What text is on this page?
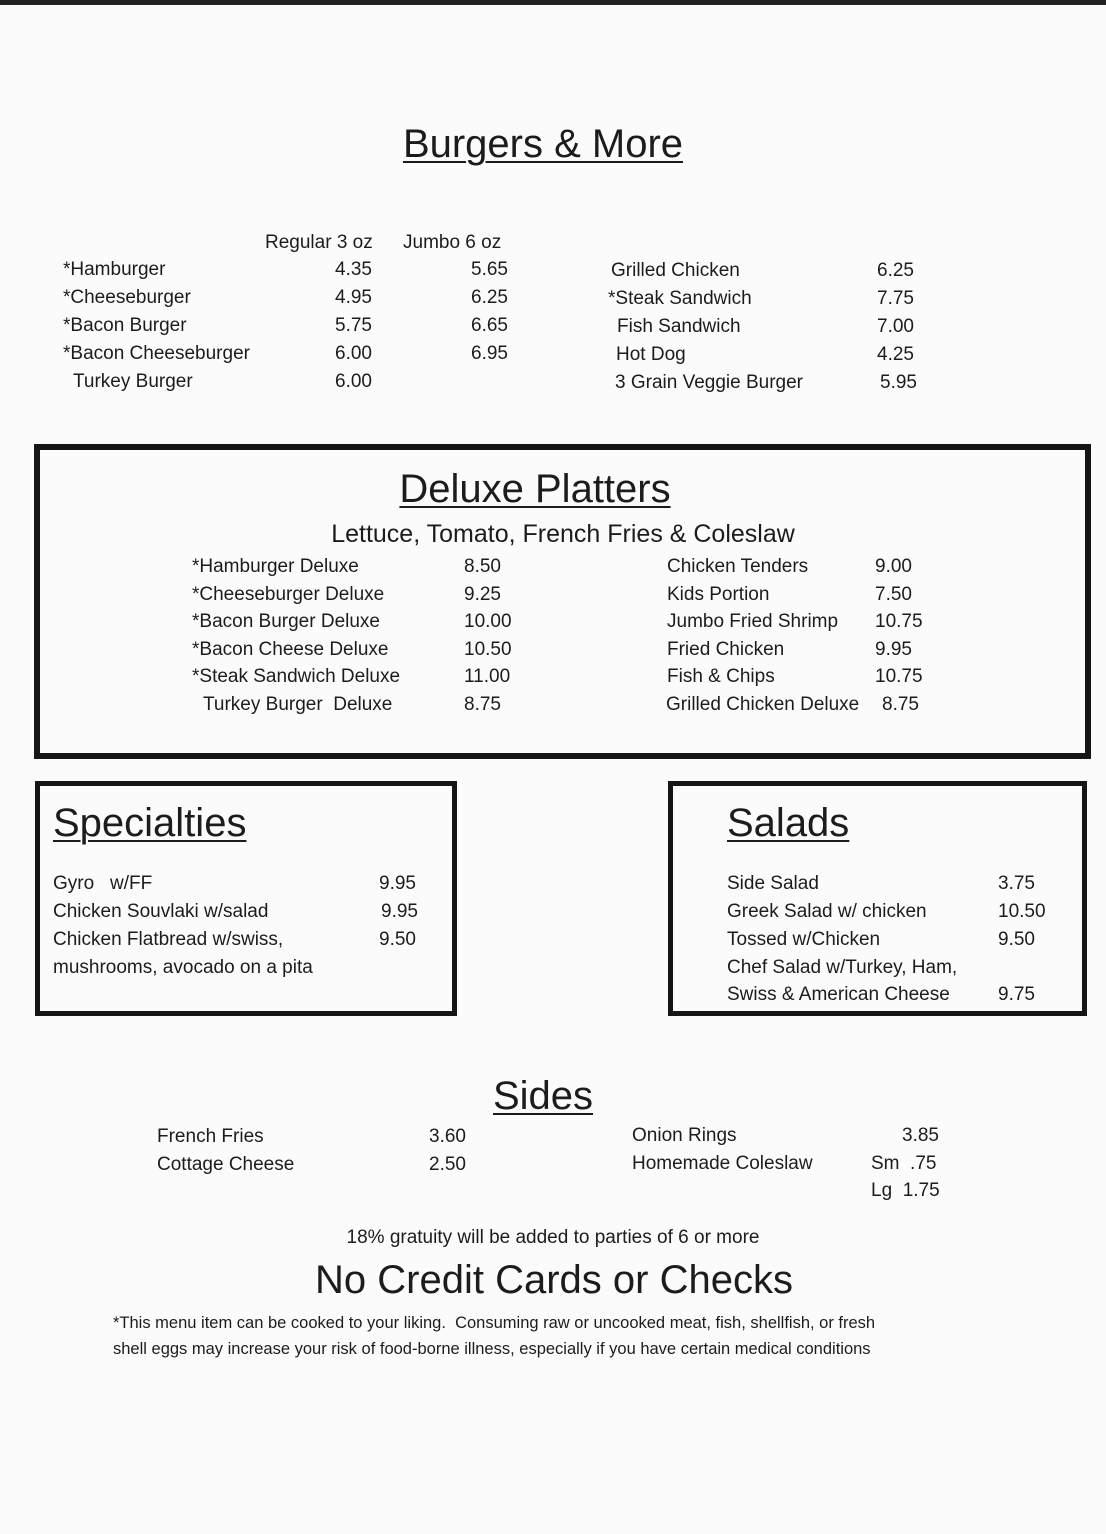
Burgers & More
Regular 3 oz Jumbo 6 oz
*Hamburger	4.35	5.65
*Cheeseburger	4.95	6.25
*Bacon Burger	5.75	6.65
*Bacon Cheeseburger	6.00	6.95
Turkey Burger	6.00
Grilled Chicken	6.25
*Steak Sandwich	7.75
Fish Sandwich	7.00
Hot Dog	4.25
3 Grain Veggie Burger	5.95
Deluxe Platters
Lettuce, Tomato, French Fries & Coleslaw
*Hamburger Deluxe	8.50
*Cheeseburger Deluxe	9.25
*Bacon Burger Deluxe	10.00
*Bacon Cheese Deluxe	10.50
*Steak Sandwich Deluxe	11.00
Turkey Burger  Deluxe	8.75
Chicken Tenders	9.00
Kids Portion	7.50
Jumbo Fried Shrimp 10.75
Fried Chicken	9.95
Fish & Chips	10.75
Grilled Chicken Deluxe 8.75
Specialties
Gyro   w/FF	9.95
Chicken Souvlaki w/salad	9.95
Chicken Flatbread w/swiss,	9.50
mushrooms, avocado on a pita
Salads
Side Salad	3.75
Greek Salad w/ chicken	10.50
Tossed w/Chicken	9.50
Chef Salad w/Turkey, Ham,
Swiss & American Cheese	9.75
Sides
French Fries	3.60
Cottage Cheese	2.50
Onion Rings	3.85
Homemade Coleslaw	Sm  .75
Lg  1.75
18% gratuity will be added to parties of 6 or more
No Credit Cards or Checks
*This menu item can be cooked to your liking.  Consuming raw or uncooked meat, fish, shellfish, or fresh
shell eggs may increase your risk of food-borne illness, especially if you have certain medical conditions
